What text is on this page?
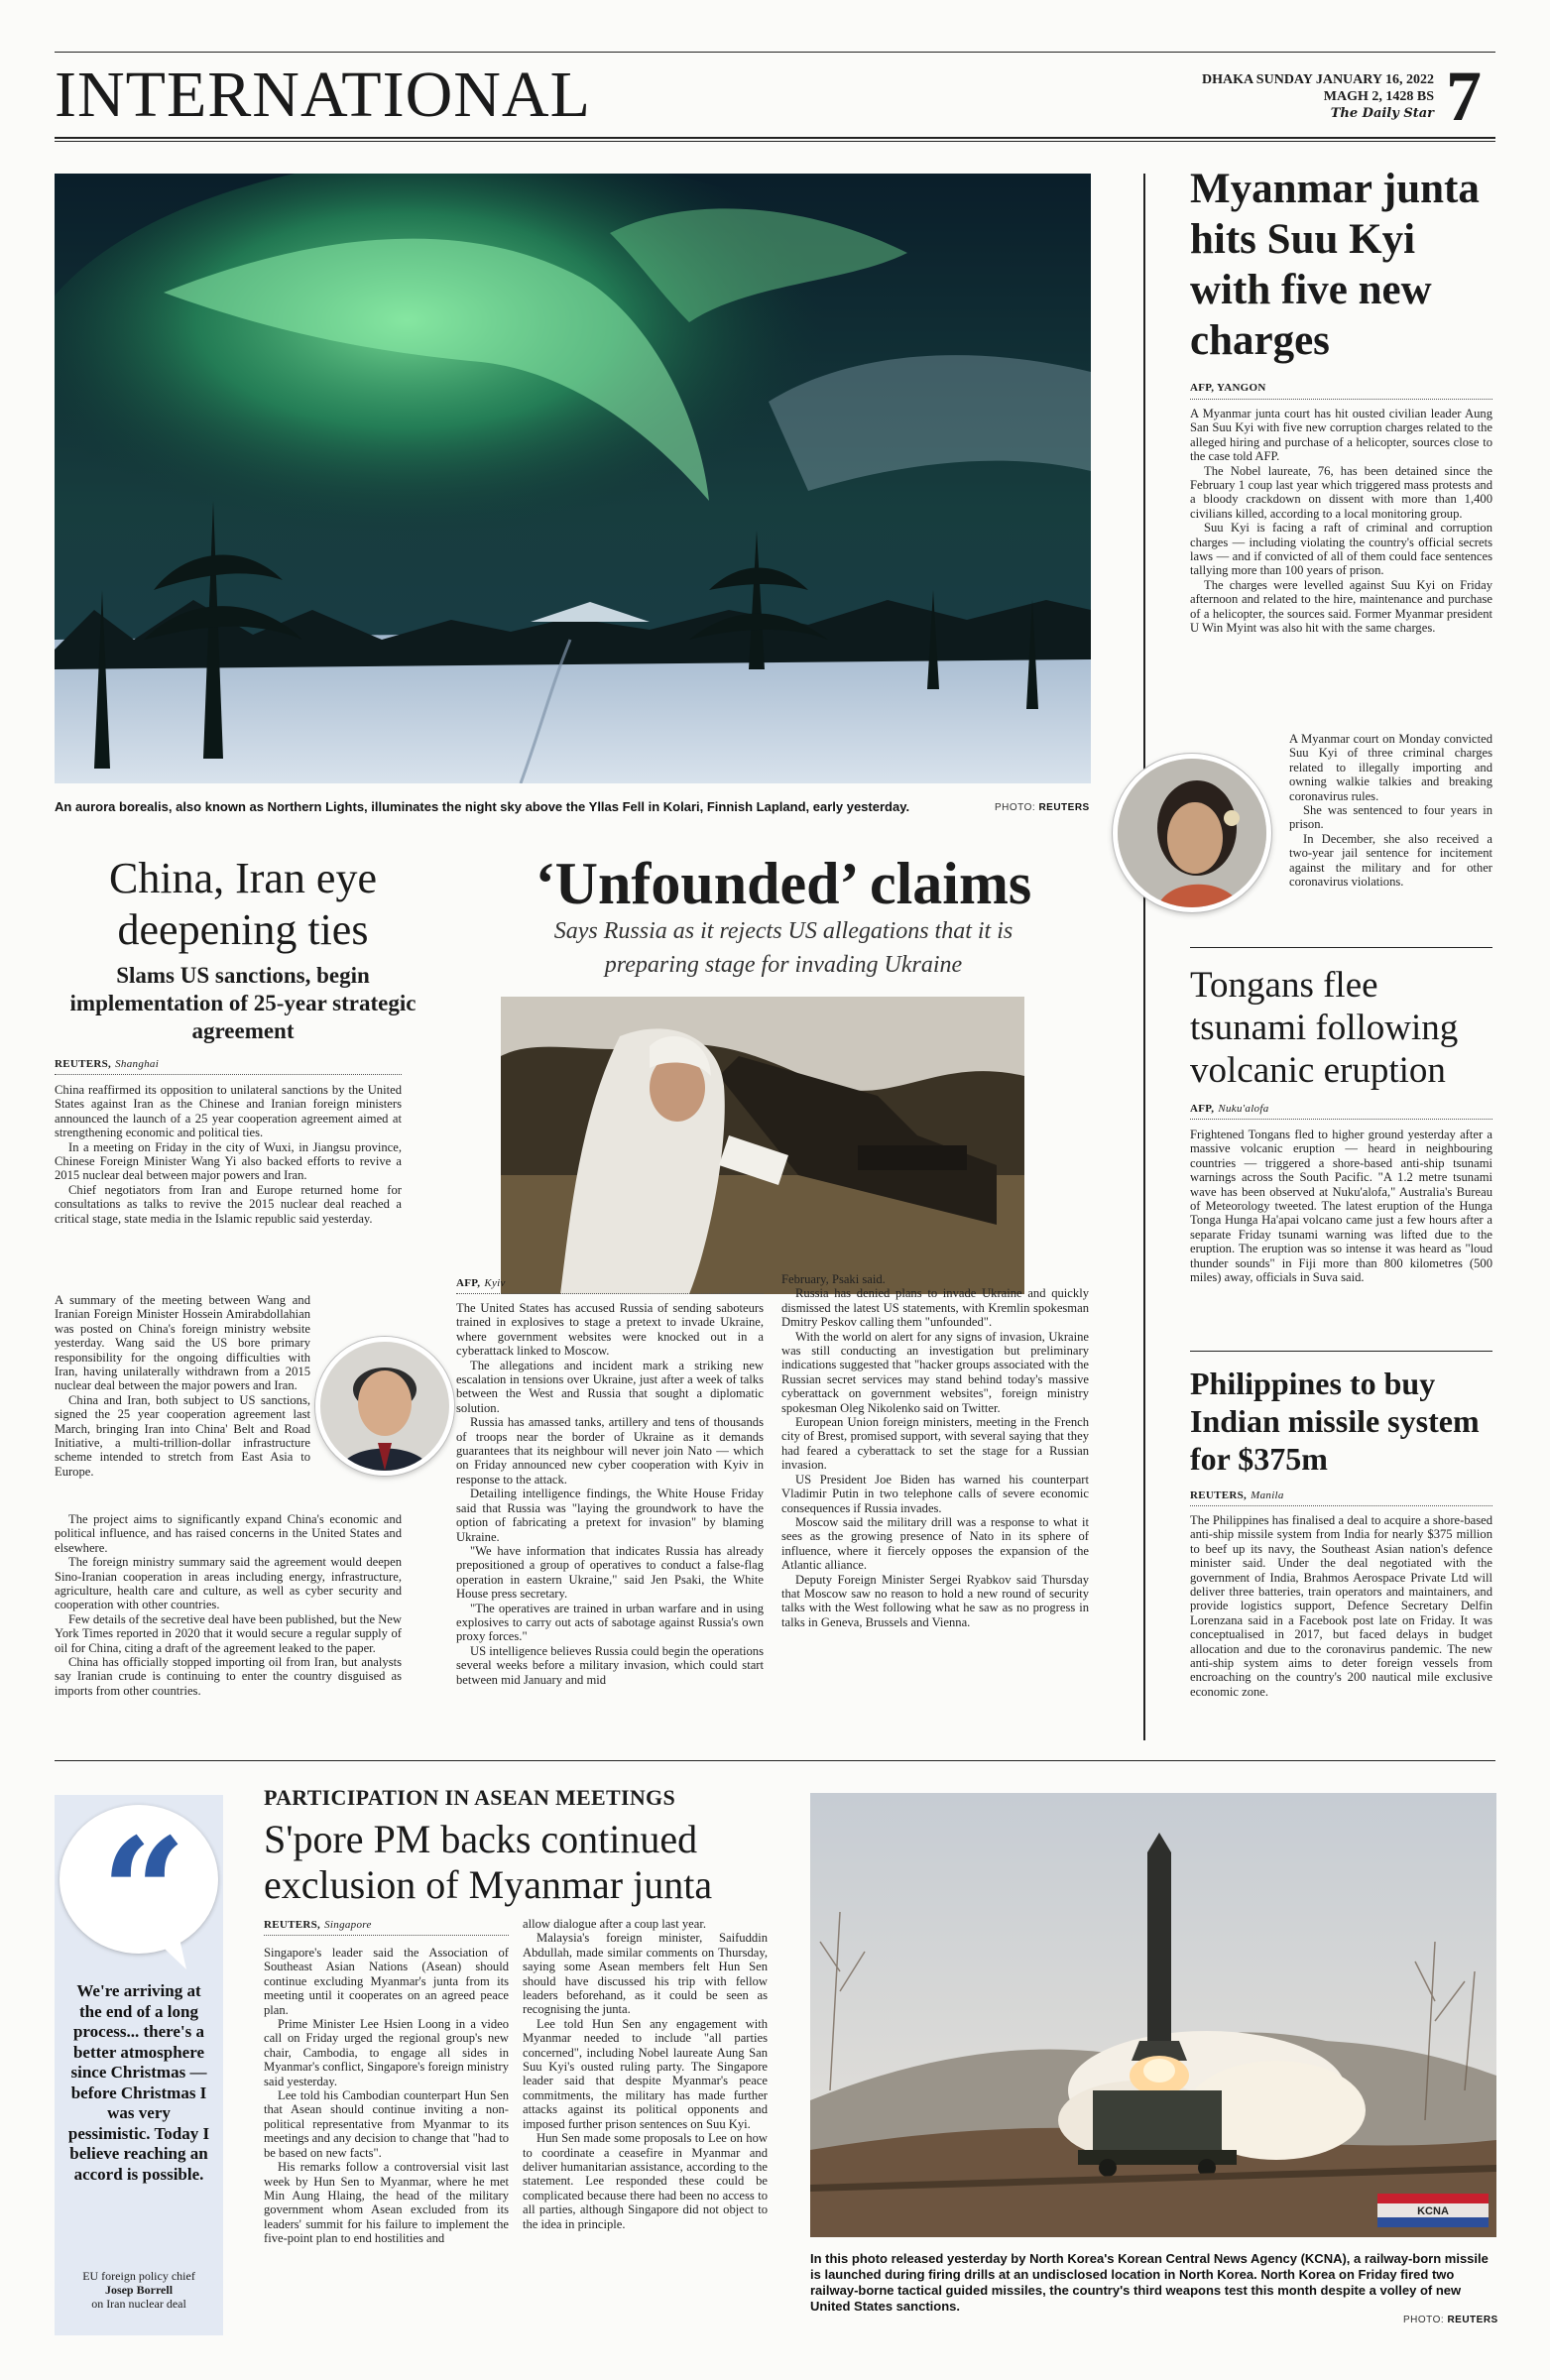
INTERNATIONAL	DHAKA SUNDAY JANUARY 16, 2022
MAGH 2, 1428 BS
The Daily Star 7
An aurora borealis, also known as Northern Lights, illuminates the night sky above the Yllas Fell in Kolari, Finnish Lapland, early yesterday.	PHOTO: REUTERS
Myanmar junta hits Suu Kyi with five new charges
AFP, YANGON

A Myanmar junta court has hit ousted civilian leader Aung San Suu Kyi with five new corruption charges related to the alleged hiring and purchase of a helicopter, sources close to the case told AFP.

The Nobel laureate, 76, has been detained since the February 1 coup last year which triggered mass protests and a bloody crackdown on dissent with more than 1,400 civilians killed, according to a local monitoring group.

Suu Kyi is facing a raft of criminal and corruption charges — including violating the country's official secrets laws — and if convicted of all of them could face sentences tallying more than 100 years of prison.

The charges were levelled against Suu Kyi on Friday afternoon and related to the hire, maintenance and purchase of a helicopter, the sources said. Former Myanmar president U Win Myint was also hit with the same charges.

A Myanmar court on Monday convicted Suu Kyi of three criminal charges related to illegally importing and owning walkie talkies and breaking coronavirus rules.

She was sentenced to four years in prison.

In December, she also received a two-year jail sentence for incitement against the military and for other coronavirus violations.

Tongans flee tsunami following volcanic eruption
AFP, Nuku'alofa
Frightened Tongans fled to higher ground yesterday after a massive volcanic eruption — heard in neighbouring countries — triggered a shore-based anti-ship tsunami warnings across the South Pacific. "A 1.2 metre tsunami wave has been observed at Nuku'alofa," Australia's Bureau of Meteorology tweeted. The latest eruption of the Hunga Tonga Hunga Ha'apai volcano came just a few hours after a separate Friday tsunami warning was lifted due to the eruption. The eruption was so intense it was heard as "loud thunder sounds" in Fiji more than 800 kilometres (500 miles) away, officials in Suva said.
Philippines to buy Indian missile system for $375m
REUTERS, Manila
The Philippines has finalised a deal to acquire a shore-based anti-ship missile system from India for nearly $375 million to beef up its navy, the Southeast Asian nation's defence minister said. Under the deal negotiated with the government of India, Brahmos Aerospace Private Ltd will deliver three batteries, train operators and maintainers, and provide logistics support, Defence Secretary Delfin Lorenzana said in a Facebook post late on Friday. It was conceptualised in 2017, but faced delays in budget allocation and due to the coronavirus pandemic. The new anti-ship system aims to deter foreign vessels from encroaching on the country's 200 nautical mile exclusive economic zone.
China, Iran eye deepening ties
Slams US sanctions, begin implementation of 25-year strategic agreement
REUTERS, Shanghai

China reaffirmed its opposition to unilateral sanctions by the United States against Iran as the Chinese and Iranian foreign ministers announced the launch of a 25 year cooperation agreement aimed at strengthening economic and political ties.

In a meeting on Friday in the city of Wuxi, in Jiangsu province, Chinese Foreign Minister Wang Yi also backed efforts to revive a 2015 nuclear deal between major powers and Iran.

Chief negotiators from Iran and Europe returned home for consultations as talks to revive the 2015 nuclear deal reached a critical stage, state media in the Islamic republic said yesterday.

A summary of the meeting between Wang and Iranian Foreign Minister Hossein Amirabdollahian was posted on China's foreign ministry website yesterday. Wang said the US bore primary responsibility for the ongoing difficulties with Iran, having unilaterally withdrawn from a 2015 nuclear deal between the major powers and Iran.

China and Iran, both subject to US sanctions, signed the 25 year cooperation agreement last March, bringing Iran into China' Belt and Road Initiative, a multi-trillion-dollar infrastructure scheme intended to stretch from East Asia to Europe.

The project aims to significantly expand China's economic and political influence, and has raised concerns in the United States and elsewhere.

The foreign ministry summary said the agreement would deepen Sino-Iranian cooperation in areas including energy, infrastructure, agriculture, health care and culture, as well as cyber security and cooperation with other countries.

Few details of the secretive deal have been published, but the New York Times reported in 2020 that it would secure a regular supply of oil for China, citing a draft of the agreement leaked to the paper.

China has officially stopped importing oil from Iran, but analysts say Iranian crude is continuing to enter the country disguised as imports from other countries.

‘Unfounded’ claims
Says Russia as it rejects US allegations that it is preparing stage for invading Ukraine
AFP, Kyiv

The United States has accused Russia of sending saboteurs trained in explosives to stage a pretext to invade Ukraine, where government websites were knocked out in a cyberattack linked to Moscow.

The allegations and incident mark a striking new escalation in tensions over Ukraine, just after a week of talks between the West and Russia that sought a diplomatic solution.

Russia has amassed tanks, artillery and tens of thousands of troops near the border of Ukraine as it demands guarantees that its neighbour will never join Nato — which on Friday announced new cyber cooperation with Kyiv in response to the attack.

Detailing intelligence findings, the White House Friday said that Russia was "laying the groundwork to have the option of fabricating a pretext for invasion" by blaming Ukraine.

"We have information that indicates Russia has already prepositioned a group of operatives to conduct a false-flag operation in eastern Ukraine," said Jen Psaki, the White House press secretary.

"The operatives are trained in urban warfare and in using explosives to carry out acts of sabotage against Russia's own proxy forces."

US intelligence believes Russia could begin the operations several weeks before a military invasion, which could start between mid January and mid

February, Psaki said.

Russia has denied plans to invade Ukraine and quickly dismissed the latest US statements, with Kremlin spokesman Dmitry Peskov calling them "unfounded".

With the world on alert for any signs of invasion, Ukraine was still conducting an investigation but preliminary indications suggested that "hacker groups associated with the Russian secret services may stand behind today's massive cyberattack on government websites", foreign ministry spokesman Oleg Nikolenko said on Twitter.

European Union foreign ministers, meeting in the French city of Brest, promised support, with several saying that they had feared a cyberattack to set the stage for a Russian invasion.

US President Joe Biden has warned his counterpart Vladimir Putin in two telephone calls of severe economic consequences if Russia invades.

Moscow said the military drill was a response to what it sees as the growing presence of Nato in its sphere of influence, where it fiercely opposes the expansion of the Atlantic alliance.

Deputy Foreign Minister Sergei Ryabkov said Thursday that Moscow saw no reason to hold a new round of security talks with the West following what he saw as no progress in talks in Geneva, Brussels and Vienna.

“
We're arriving at the end of a long process... there's a better atmosphere since Christmas — before Christmas I was very pessimistic. Today I believe reaching an accord is possible.
EU foreign policy chief
Josep Borrell
on Iran nuclear deal
PARTICIPATION IN ASEAN MEETINGS
S'pore PM backs continued exclusion of Myanmar junta
REUTERS, Singapore

Singapore's leader said the Association of Southeast Asian Nations (Asean) should continue excluding Myanmar's junta from its meeting until it cooperates on an agreed peace plan.

Prime Minister Lee Hsien Loong in a video call on Friday urged the regional group's new chair, Cambodia, to engage all sides in Myanmar's conflict, Singapore's foreign ministry said yesterday.

Lee told his Cambodian counterpart Hun Sen that Asean should continue inviting a non-political representative from Myanmar to its meetings and any decision to change that "had to be based on new facts".

His remarks follow a controversial visit last week by Hun Sen to Myanmar, where he met Min Aung Hlaing, the head of the military government whom Asean excluded from its leaders' summit for his failure to implement the five-point plan to end hostilities and

allow dialogue after a coup last year.

Malaysia's foreign minister, Saifuddin Abdullah, made similar comments on Thursday, saying some Asean members felt Hun Sen should have discussed his trip with fellow leaders beforehand, as it could be seen as recognising the junta.

Lee told Hun Sen any engagement with Myanmar needed to include "all parties concerned", including Nobel laureate Aung San Suu Kyi's ousted ruling party. The Singapore leader said that despite Myanmar's peace commitments, the military has made further attacks against its political opponents and imposed further prison sentences on Suu Kyi.

Hun Sen made some proposals to Lee on how to coordinate a ceasefire in Myanmar and deliver humanitarian assistance, according to the statement. Lee responded these could be complicated because there had been no access to all parties, although Singapore did not object to the idea in principle.

KCNA
In this photo released yesterday by North Korea's Korean Central News Agency (KCNA), a railway-born missile is launched during firing drills at an undisclosed location in North Korea. North Korea on Friday fired two railway-borne tactical guided missiles, the country's third weapons test this month despite a volley of new United States sanctions.
PHOTO: REUTERS
